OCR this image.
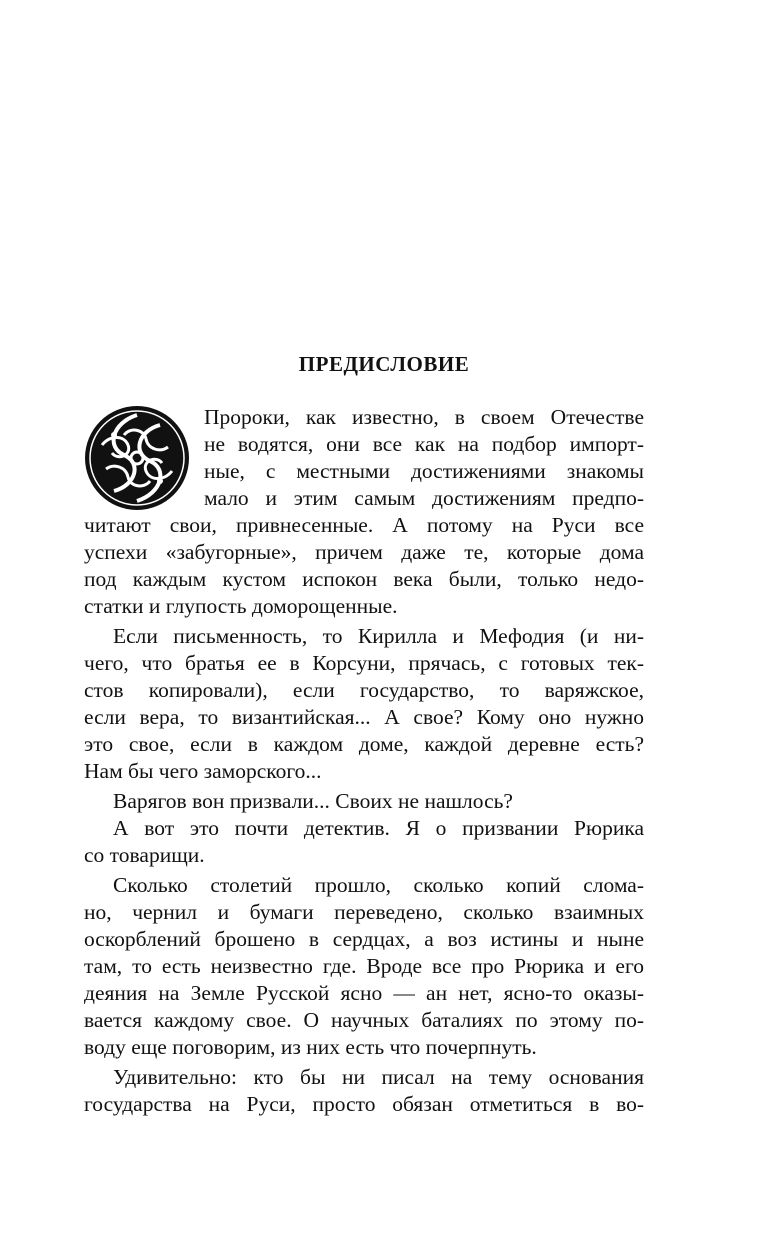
ПРЕДИСЛОВИЕ
Пророки, как известно, в своем Отечестве
не водятся, они все как на подбор импорт-
ные, с местными достижениями знакомы
мало и этим самым достижениям предпо-
читают свои, привнесенные. А потому на Руси все
успехи «забугорные», причем даже те, которые дома
под каждым кустом испокон века были, только недо-
статки и глупость доморощенные.
Если письменность, то Кирилла и Мефодия (и ни-
чего, что братья ее в Корсуни, прячась, с готовых тек-
стов копировали), если государство, то варяжское,
если вера, то византийская... А свое? Кому оно нужно
это свое, если в каждом доме, каждой деревне есть?
Нам бы чего заморского...
Варягов вон призвали... Своих не нашлось?
А вот это почти детектив. Я о призвании Рюрика
со товарищи.
Сколько столетий прошло, сколько копий слома-
но, чернил и бумаги переведено, сколько взаимных
оскорблений брошено в сердцах, а воз истины и ныне
там, то есть неизвестно где. Вроде все про Рюрика и его
деяния на Земле Русской ясно — ан нет, ясно-то оказы-
вается каждому свое. О научных баталиях по этому по-
воду еще поговорим, из них есть что почерпнуть.
Удивительно: кто бы ни писал на тему основания
государства на Руси, просто обязан отметиться в во-
